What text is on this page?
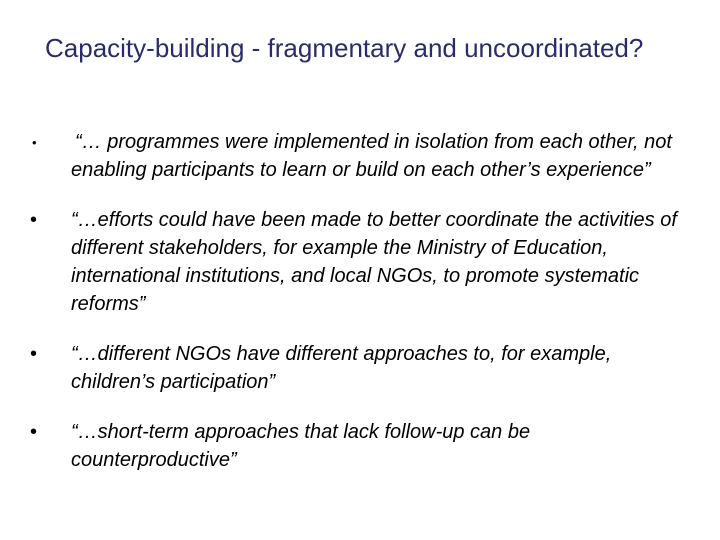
Capacity-building - fragmentary and uncoordinated?
• “… programmes were implemented in isolation from each other, not enabling participants to learn or build on each other’s experience”
• “…efforts could have been made to better coordinate the activities of different stakeholders, for example the Ministry of Education, international institutions, and local NGOs, to promote systematic reforms”
• “…different NGOs have different approaches to, for example, children’s participation”
• “…short-term approaches that lack follow-up can be counterproductive”
